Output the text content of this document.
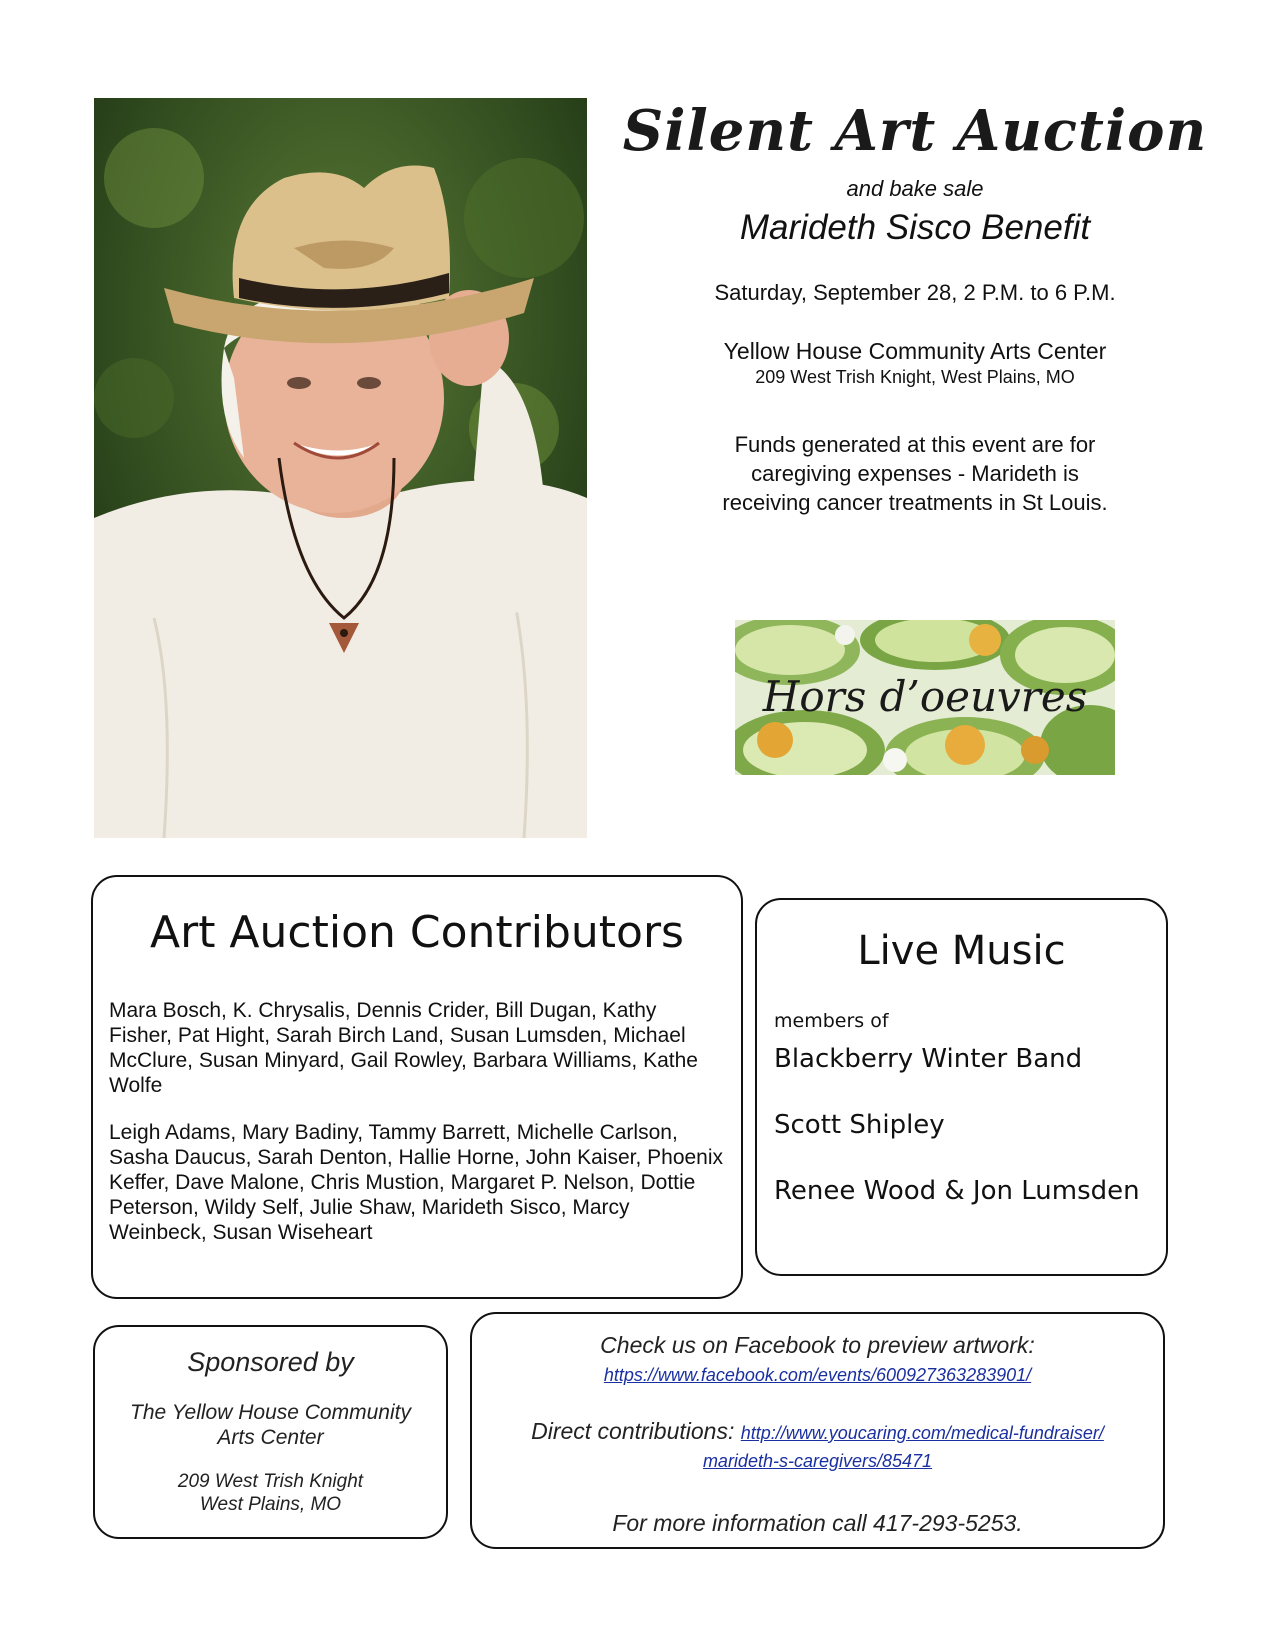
Silent Art Auction
and bake sale
Marideth Sisco Benefit
Saturday, September 28, 2 P.M. to 6 P.M.
Yellow House Community Arts Center
209 West Trish Knight, West Plains, MO
Funds generated at this event are for
caregiving expenses - Marideth is
receiving cancer treatments in St Louis.
Hors d’oeuvres
Art Auction Contributors

Mara Bosch, K. Chrysalis, Dennis Crider, Bill Dugan, Kathy Fisher, Pat Hight, Sarah Birch Land, Susan Lumsden, Michael McClure, Susan Minyard, Gail Rowley, Barbara Williams, Kathe Wolfe

Leigh Adams, Mary Badiny, Tammy Barrett, Michelle Carlson, Sasha Daucus, Sarah Denton, Hallie Horne, John Kaiser, Phoenix Keffer, Dave Malone, Chris Mustion, Margaret P. Nelson, Dottie Peterson, Wildy Self, Julie Shaw, Marideth Sisco, Marcy Weinbeck, Susan Wiseheart

Live Music
members of
Blackberry Winter Band
Scott Shipley
Renee Wood & Jon Lumsden
Sponsored by
The Yellow House Community
Arts Center
209 West Trish Knight
West Plains, MO
Check us on Facebook to preview artwork:
https://www.facebook.com/events/600927363283901/
Direct contributions: http://www.youcaring.com/medical-fundraiser/
marideth-s-caregivers/85471
For more information call 417-293-5253.
